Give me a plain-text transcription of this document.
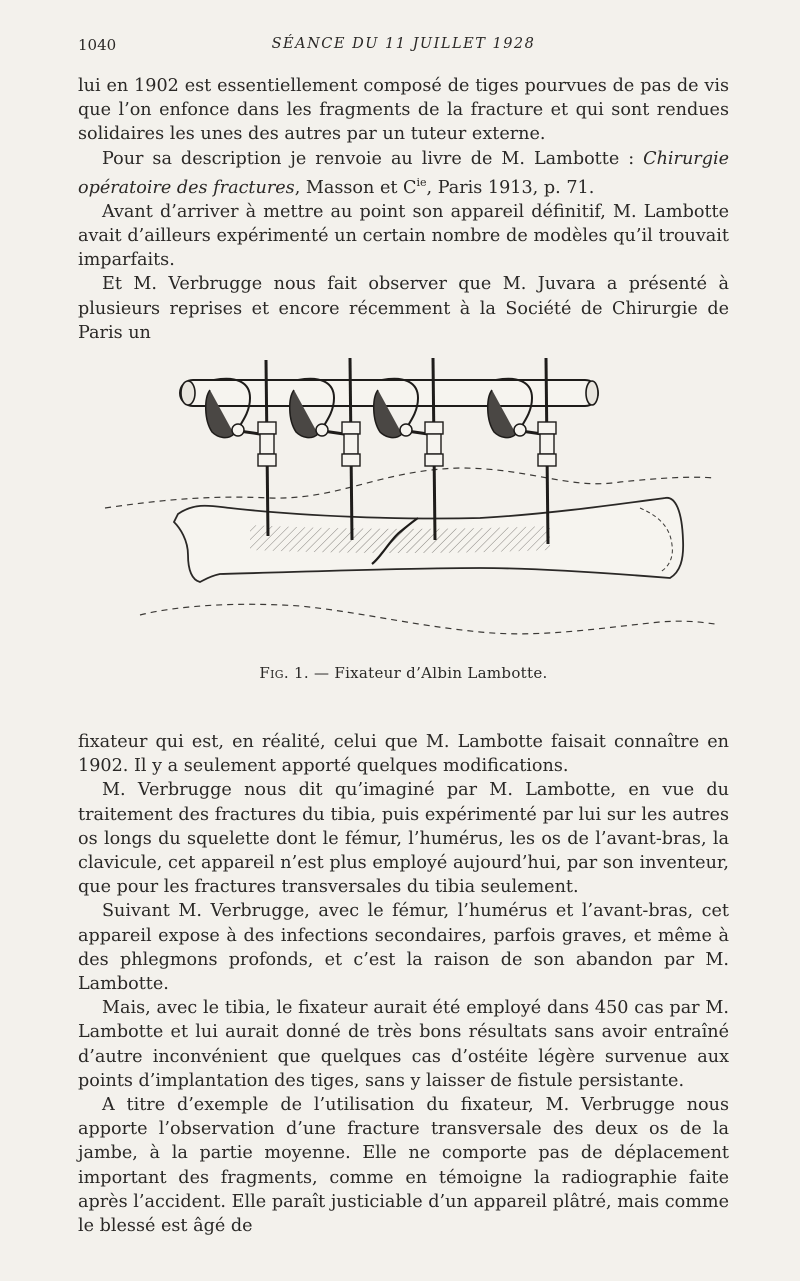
1040	SÉANCE DU 11 JUILLET 1928

lui en 1902 est essentiellement composé de tiges pourvues de pas de vis que l’on enfonce dans les fragments de la fracture et qui sont rendues solidaires les unes des autres par un tuteur externe.

Pour sa description je renvoie au livre de M. Lambotte : Chirurgie opératoire des fractures, Masson et $C^{ie}$, Paris 1913, p. 71.

Avant d’arriver à mettre au point son appareil définitif, M. Lambotte avait d’ailleurs expérimenté un certain nombre de modèles qu’il trouvait imparfaits.

Et M. Verbrugge nous fait observer que M. Juvara a présenté à plusieurs reprises et encore récemment à la Société de Chirurgie de Paris un

Fig. 1. — Fixateur d’Albin Lambotte.

fixateur qui est, en réalité, celui que M. Lambotte faisait connaître en 1902. Il y a seulement apporté quelques modifications.

M. Verbrugge nous dit qu’imaginé par M. Lambotte, en vue du traitement des fractures du tibia, puis expérimenté par lui sur les autres os longs du squelette dont le fémur, l’humérus, les os de l’avant-bras, la clavicule, cet appareil n’est plus employé aujourd’hui, par son inventeur, que pour les fractures transversales du tibia seulement.

Suivant M. Verbrugge, avec le fémur, l’humérus et l’avant-bras, cet appareil expose à des infections secondaires, parfois graves, et même à des phlegmons profonds, et c’est la raison de son abandon par M. Lambotte.

Mais, avec le tibia, le fixateur aurait été employé dans 450 cas par M. Lambotte et lui aurait donné de très bons résultats sans avoir entraîné d’autre inconvénient que quelques cas d’ostéite légère survenue aux points d’implantation des tiges, sans y laisser de fistule persistante.

A titre d’exemple de l’utilisation du fixateur, M. Verbrugge nous apporte l’observation d’une fracture transversale des deux os de la jambe, à la partie moyenne. Elle ne comporte pas de déplacement important des fragments, comme en témoigne la radiographie faite après l’accident. Elle paraît justiciable d’un appareil plâtré, mais comme le blessé est âgé de
